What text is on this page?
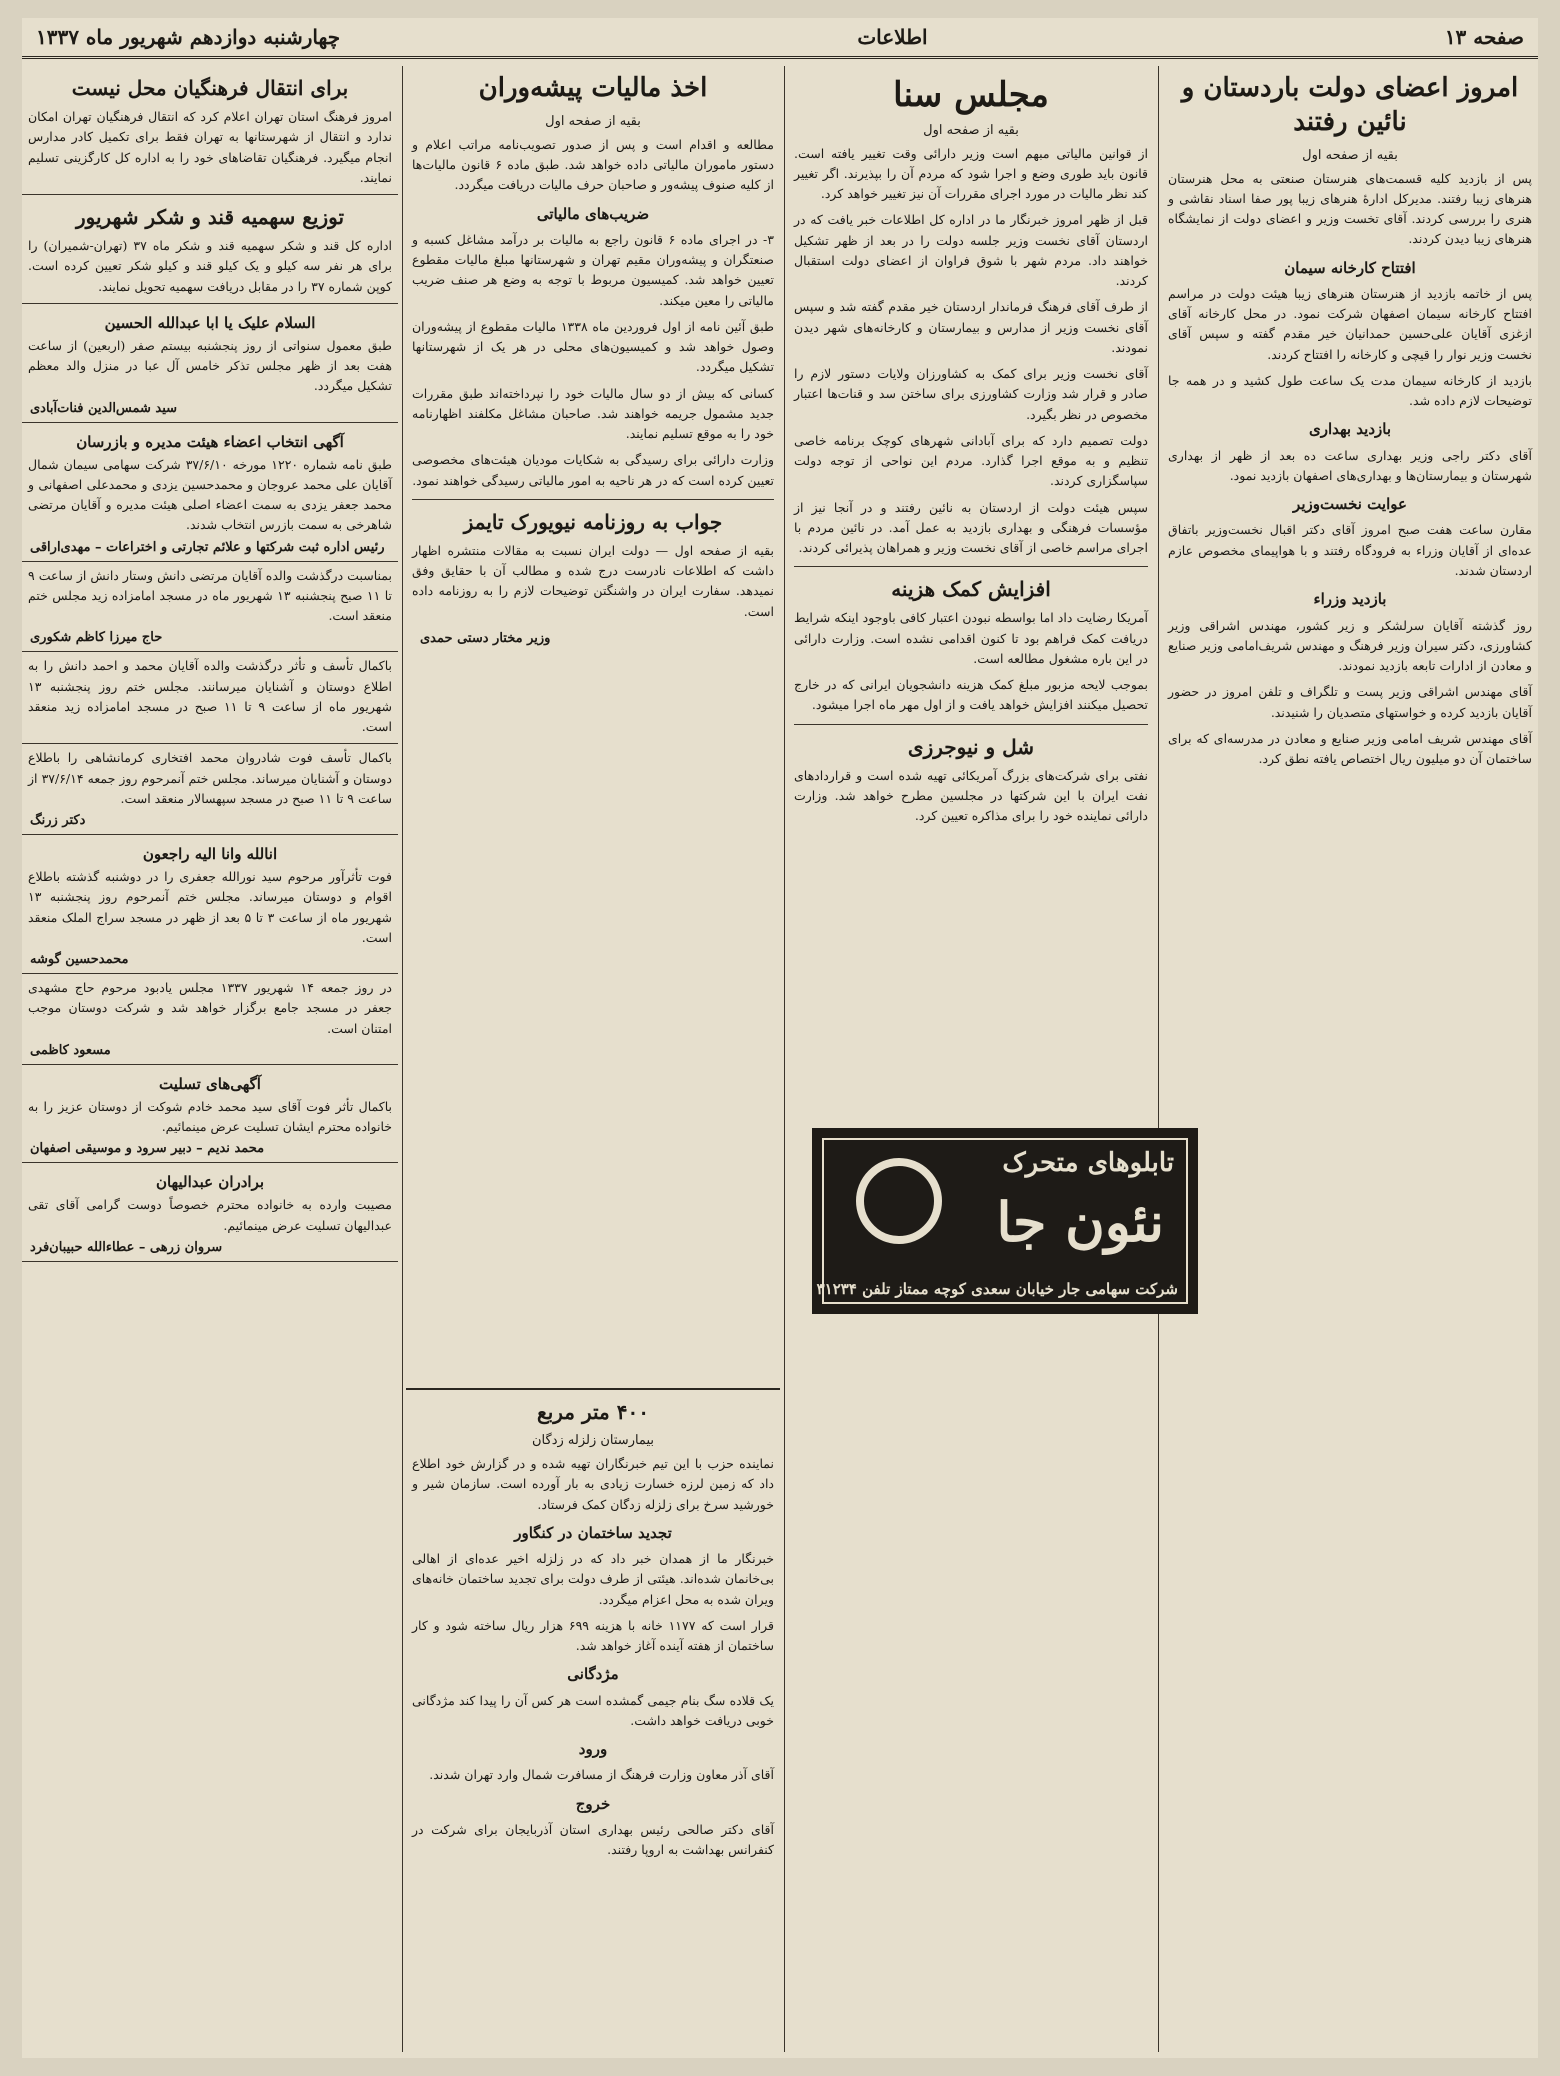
صفحه ۱۳
اطلاعات
چهارشنبه دوازدهم شهریور ماه ۱۳۳۷
امروز اعضای دولت باردستان و نائین رفتند
بقیه از صفحه اول

پس از بازدید کلیه قسمت‌های هنرستان صنعتی به محل هنرستان هنرهای زیبا رفتند. مدیرکل ادارهٔ هنرهای زیبا پور صفا اسناد نقاشی و هنری را بررسی کردند. آقای تخست وزیر و اعضای دولت از نمایشگاه هنرهای زیبا دیدن کردند.

افتتاح کارخانه سیمان

پس از خاتمه بازدید از هنرستان هنرهای زیبا هیئت دولت در مراسم افتتاح کارخانه سیمان اصفهان شرکت نمود. در محل کارخانه آقای ازغزی آقایان علی‌حسین حمدانیان خیر مقدم گفته و سپس آقای نخست وزیر نوار را قیچی و کارخانه را افتتاح کردند.

بازدید از کارخانه سیمان مدت یک ساعت طول کشید و در همه جا توضیحات لازم داده شد.

بازدید بهداری

آقای دکتر راجی وزیر بهداری ساعت ده بعد از ظهر از بهداری شهرستان و بیمارستان‌ها و بهداری‌های اصفهان بازدید نمود.

عوایت نخست‌وزیر

مقارن ساعت هفت صبح امروز آقای دکتر اقبال نخست‌وزیر باتفاق عده‌ای از آقایان وزراء به فرودگاه رفتند و با هواپیمای مخصوص عازم اردستان شدند.

بازدید وزراء

روز گذشته آقایان سرلشکر و زیر کشور، مهندس اشراقی وزیر کشاورزی، دکتر سیران وزیر فرهنگ و مهندس شریف‌امامی وزیر صنایع و معادن از ادارات تابعه بازدید نمودند.

آقای مهندس اشراقی وزیر پست و تلگراف و تلفن امروز در حضور آقایان بازدید کرده و خواستهای متصدیان را شنیدند.

آقای مهندس شریف امامی وزیر صنایع و معادن در مدرسه‌ای که برای ساختمان آن دو میلیون ریال اختصاص یافته نطق کرد.

مجلس سنا
بقیه از صفحه اول

از قوانین مالیاتی مبهم است وزیر دارائی وقت تغییر یافته است. قانون باید طوری وضع و اجرا شود که مردم آن را بپذیرند. اگر تغییر کند نظر مالیات در مورد اجرای مقررات آن نیز تغییر خواهد کرد.

قبل از ظهر امروز خبرنگار ما در اداره کل اطلاعات خبر یافت که در اردستان آقای نخست وزیر جلسه دولت را در بعد از ظهر تشکیل خواهند داد. مردم شهر با شوق فراوان از اعضای دولت استقبال کردند.

از طرف آقای فرهنگ فرماندار اردستان خیر مقدم گفته شد و سپس آقای نخست وزیر از مدارس و بیمارستان و کارخانه‌های شهر دیدن نمودند.

آقای نخست وزیر برای کمک به کشاورزان ولایات دستور لازم را صادر و قرار شد وزارت کشاورزی برای ساختن سد و قنات‌ها اعتبار مخصوص در نظر بگیرد.

دولت تصمیم دارد که برای آبادانی شهرهای کوچک برنامه خاصی تنظیم و به موقع اجرا گذارد. مردم این نواحی از توجه دولت سپاسگزاری کردند.

سپس هیئت دولت از اردستان به نائین رفتند و در آنجا نیز از مؤسسات فرهنگی و بهداری بازدید به عمل آمد. در نائین مردم با اجرای مراسم خاصی از آقای نخست وزیر و همراهان پذیرائی کردند.

افزایش کمک هزینه

آمریکا رضایت داد اما بواسطه نبودن اعتبار کافی باوجود اینکه شرایط دریافت کمک فراهم بود تا کنون اقدامی نشده است. وزارت دارائی در این باره مشغول مطالعه است.

بموجب لایحه مزبور مبلغ کمک هزینه دانشجویان ایرانی که در خارج تحصیل میکنند افزایش خواهد یافت و از اول مهر ماه اجرا میشود.

شل و نیوجرزی

نفتی برای شرکت‌های بزرگ آمریکائی تهیه شده است و قراردادهای نفت ایران با این شرکتها در مجلسین مطرح خواهد شد. وزارت دارائی نماینده خود را برای مذاکره تعیین کرد.

اخذ مالیات پیشه‌وران
بقیه از صفحه اول

مطالعه و اقدام است و پس از صدور تصویب‌نامه مراتب اعلام و دستور ماموران مالیاتی داده خواهد شد. طبق ماده ۶ قانون مالیات‌ها از کلیه صنوف پیشه‌ور و صاحبان حرف مالیات دریافت میگردد.

ضریب‌های مالیاتی

۳- در اجرای ماده ۶ قانون راجع به مالیات بر درآمد مشاغل کسبه و صنعتگران و پیشه‌وران مقیم تهران و شهرستانها مبلغ مالیات مقطوع تعیین خواهد شد. کمیسیون مربوط با توجه به وضع هر صنف ضریب مالیاتی را معین میکند.

طبق آئین نامه از اول فروردین ماه ۱۳۳۸ مالیات مقطوع از پیشه‌وران وصول خواهد شد و کمیسیون‌های محلی در هر یک از شهرستانها تشکیل میگردد.

کسانی که بیش از دو سال مالیات خود را نپرداخته‌اند طبق مقررات جدید مشمول جریمه خواهند شد. صاحبان مشاغل مکلفند اظهارنامه خود را به موقع تسلیم نمایند.

وزارت دارائی برای رسیدگی به شکایات مودیان هیئت‌های مخصوصی تعیین کرده است که در هر ناحیه به امور مالیاتی رسیدگی خواهند نمود.

جواب به روزنامه نیویورک تایمز

بقیه از صفحه اول — دولت ایران نسبت به مقالات منتشره اظهار داشت که اطلاعات نادرست درج شده و مطالب آن با حقایق وفق نمیدهد. سفارت ایران در واشنگتن توضیحات لازم را به روزنامه داده است.

وزیر مختار دستی حمدی
۴۰۰ متر مربع
بیمارستان زلزله زدگان

نماینده حزب با این تیم خبرنگاران تهیه شده و در گزارش خود اطلاع داد که زمین لرزه خسارت زیادی به بار آورده است. سازمان شیر و خورشید سرخ برای زلزله زدگان کمک فرستاد.

تجدید ساختمان در کنگاور

خبرنگار ما از همدان خبر داد که در زلزله اخیر عده‌ای از اهالی بی‌خانمان شده‌اند. هیئتی از طرف دولت برای تجدید ساختمان خانه‌های ویران شده به محل اعزام میگردد.

قرار است که ۱۱۷۷ خانه با هزینه ۶۹۹ هزار ریال ساخته شود و کار ساختمان از هفته آینده آغاز خواهد شد.

مژدگانی

یک قلاده سگ بنام جیمی گمشده است هر کس آن را پیدا کند مژدگانی خوبی دریافت خواهد داشت.

ورود

آقای آذر معاون وزارت فرهنگ از مسافرت شمال وارد تهران شدند.

خروج

آقای دکتر صالحی رئیس بهداری استان آذربایجان برای شرکت در کنفرانس بهداشت به اروپا رفتند.

برای انتقال فرهنگیان محل نیست
امروز فرهنگ استان تهران اعلام کرد که انتقال فرهنگیان تهران امکان ندارد و انتقال از شهرستانها به تهران فقط برای تکمیل کادر مدارس انجام میگیرد. فرهنگیان تقاضاهای خود را به اداره کل کارگزینی تسلیم نمایند.
توزیع سهمیه قند و شکر شهریور
اداره کل قند و شکر سهمیه قند و شکر ماه ۳۷ (تهران-شمیران) را برای هر نفر سه کیلو و یک کیلو قند و کیلو شکر تعیین کرده است. کوپن شماره ۳۷ را در مقابل دریافت سهمیه تحویل نمایند.
السلام علیک یا ابا عبدالله الحسین
طبق معمول سنواتی از روز پنجشنبه بیستم صفر (اربعین) از ساعت هفت بعد از ظهر مجلس تذکر خامس آل عبا در منزل والد معظم تشکیل میگردد.
سید شمس‌الدین فنات‌آبادی
آگهی انتخاب اعضاء هیئت مدیره و بازرسان
طبق نامه شماره ۱۲۲۰ مورخه ۳۷/۶/۱۰ شرکت سهامی سیمان شمال آقایان علی محمد عروجان و محمدحسین یزدی و محمدعلی اصفهانی و محمد جعفر یزدی به سمت اعضاء اصلی هیئت مدیره و آقایان مرتضی شاهرخی به سمت بازرس انتخاب شدند.
رئیس اداره ثبت شرکتها و علائم تجارتی و اختراعات – مهدی‌اراقی
بمناسبت درگذشت والده آقایان مرتضی دانش وستار دانش از ساعت ۹ تا ۱۱ صبح پنجشنبه ۱۳ شهریور ماه در مسجد امامزاده زید مجلس ختم منعقد است.
حاج میرزا کاظم شکوری
باکمال تأسف و تأثر درگذشت والده آقایان محمد و احمد دانش را به اطلاع دوستان و آشنایان میرسانند. مجلس ختم روز پنجشنبه ۱۳ شهریور ماه از ساعت ۹ تا ۱۱ صبح در مسجد امامزاده زید منعقد است.
باکمال تأسف فوت شادروان محمد افتخاری کرمانشاهی را باطلاع دوستان و آشنایان میرساند. مجلس ختم آنمرحوم روز جمعه ۳۷/۶/۱۴ از ساعت ۹ تا ۱۱ صبح در مسجد سپهسالار منعقد است.
دکتر زرنگ
انالله وانا الیه راجعون
فوت تأثرآور مرحوم سید نورالله جعفری را در دوشنبه گذشته باطلاع اقوام و دوستان میرساند. مجلس ختم آنمرحوم روز پنجشنبه ۱۳ شهریور ماه از ساعت ۳ تا ۵ بعد از ظهر در مسجد سراج الملک منعقد است.
محمدحسین گوشه
در روز جمعه ۱۴ شهریور ۱۳۳۷ مجلس یادبود مرحوم حاج مشهدی جعفر در مسجد جامع برگزار خواهد شد و شرکت دوستان موجب امتنان است.
مسعود کاظمی
آگهی‌های تسلیت
باکمال تأثر فوت آقای سید محمد خادم شوکت از دوستان عزیز را به خانواده محترم ایشان تسلیت عرض مینمائیم.
محمد ندیم – دبیر سرود و موسیقی اصفهان
برادران عبدالیهان
مصیبت وارده به خانواده محترم خصوصاً دوست گرامی آقای تقی عبدالیهان تسلیت عرض مینمائیم.
سروان زرهی – عطاءالله حبیبان‌فرد
تابلوهای متحرک
نئون جا
شرکت سهامی جار خیابان سعدی کوچه ممتاز تلفن ۳۱۲۳۴
